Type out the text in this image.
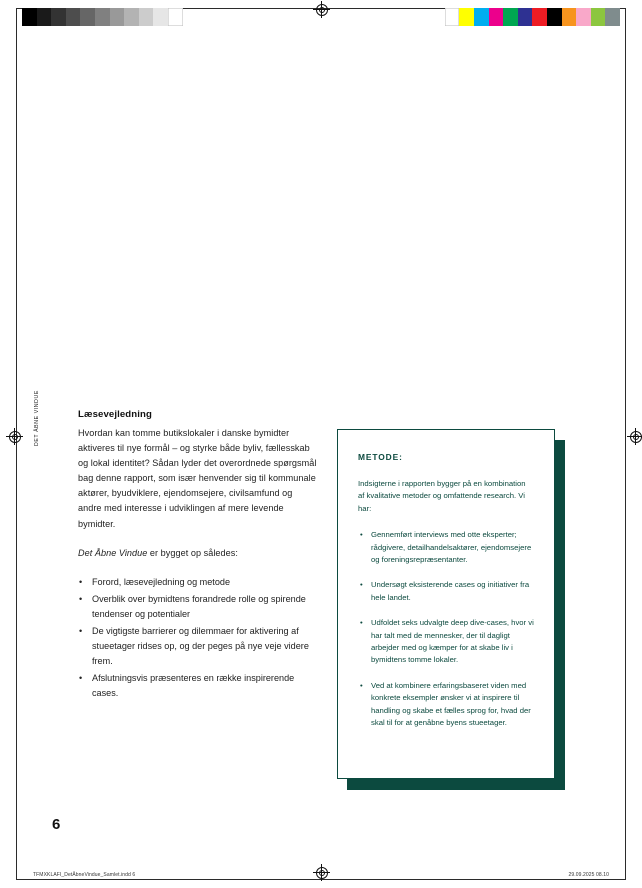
DET ÅBNE VINDUE	Læsevejledning

Hvordan kan tomme butikslokaler i danske bymidter aktiveres til nye formål – og styrke både byliv, fællesskab og lokal identitet? Sådan lyder det overordnede spørgsmål bag denne rapport, som især henvender sig til kommunale aktører, byudviklere, ejendomsejere, civilsamfund og andre med interesse i udviklingen af mere levende bymidter.

Det Åbne Vindue er bygget op således:

• Forord, læsevejledning og metode
• Overblik over bymidtens forandrede rolle og spirende tendenser og potentialer
• De vigtigste barrierer og dilemmaer for aktivering af stueetager ridses op, og der peges på nye veje videre frem.
• Afslutningsvis præsenteres en række inspirerende cases.
METODE:

Indsigterne i rapporten bygger på en kombination af kvalitative metoder og omfattende research. Vi har:

• Gennemført interviews med otte eksperter; rådgivere, detailhandelsaktører, ejendomsejere og foreningsrepræsentanter.
• Undersøgt eksisterende cases og initiativer fra hele landet.
• Udfoldet seks udvalgte deep dive-cases, hvor vi har talt med de mennesker, der til dagligt arbejder med og kæmper for at skabe liv i bymidtens tomme lokaler.
• Ved at kombinere erfaringsbaseret viden med konkrete eksempler ønsker vi at inspirere til handling og skabe et fælles sprog for, hvad der skal til for at genåbne byens stueetager.
6
TFMXKLAFI_DetÅbneVindue_Samlet.indd 6	29.09.2025 08.10
